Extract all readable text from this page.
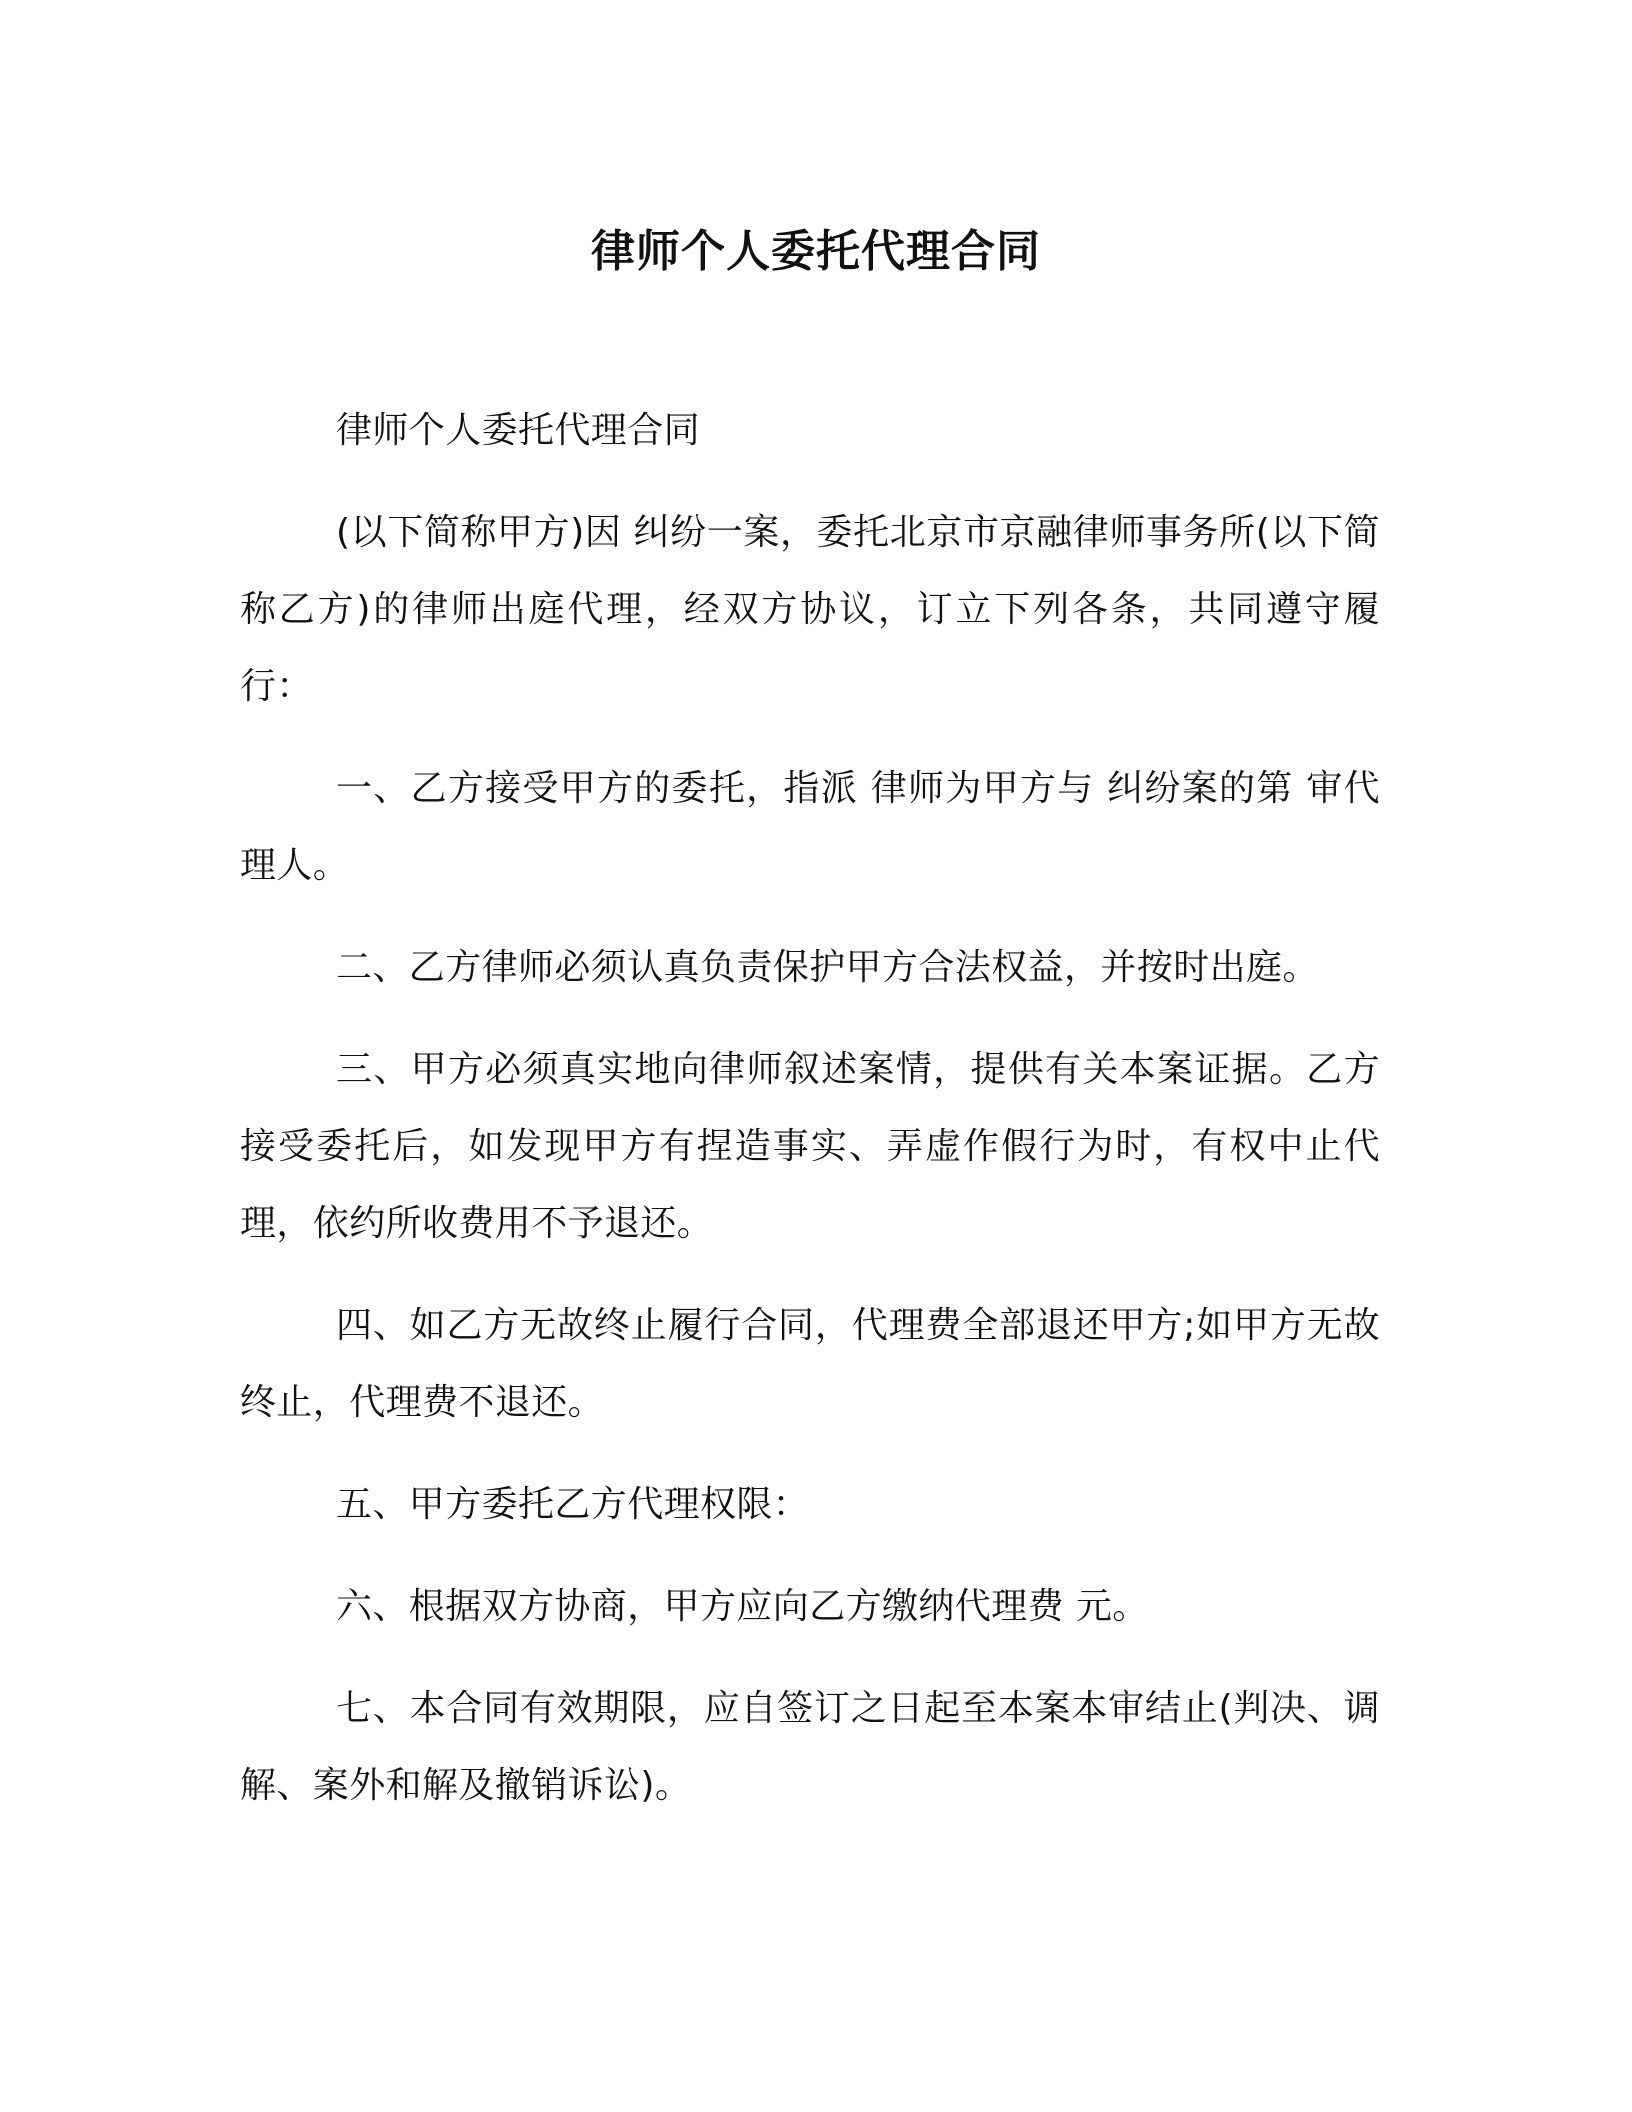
律师个人委托代理合同

律师个人委托代理合同

(以下简称甲方)因 纠纷一案，委托北京市京融律师事务所(以下简称乙方)的律师出庭代理，经双方协议，订立下列各条，共同遵守履行：

一、乙方接受甲方的委托，指派 律师为甲方与 纠纷案的第 审代理人。

二、乙方律师必须认真负责保护甲方合法权益，并按时出庭。

三、甲方必须真实地向律师叙述案情，提供有关本案证据。乙方接受委托后，如发现甲方有捏造事实、弄虚作假行为时，有权中止代理，依约所收费用不予退还。

四、如乙方无故终止履行合同，代理费全部退还甲方;如甲方无故终止，代理费不退还。

五、甲方委托乙方代理权限：

六、根据双方协商，甲方应向乙方缴纳代理费 元。

七、本合同有效期限，应自签订之日起至本案本审结止(判决、调解、案外和解及撤销诉讼)。
